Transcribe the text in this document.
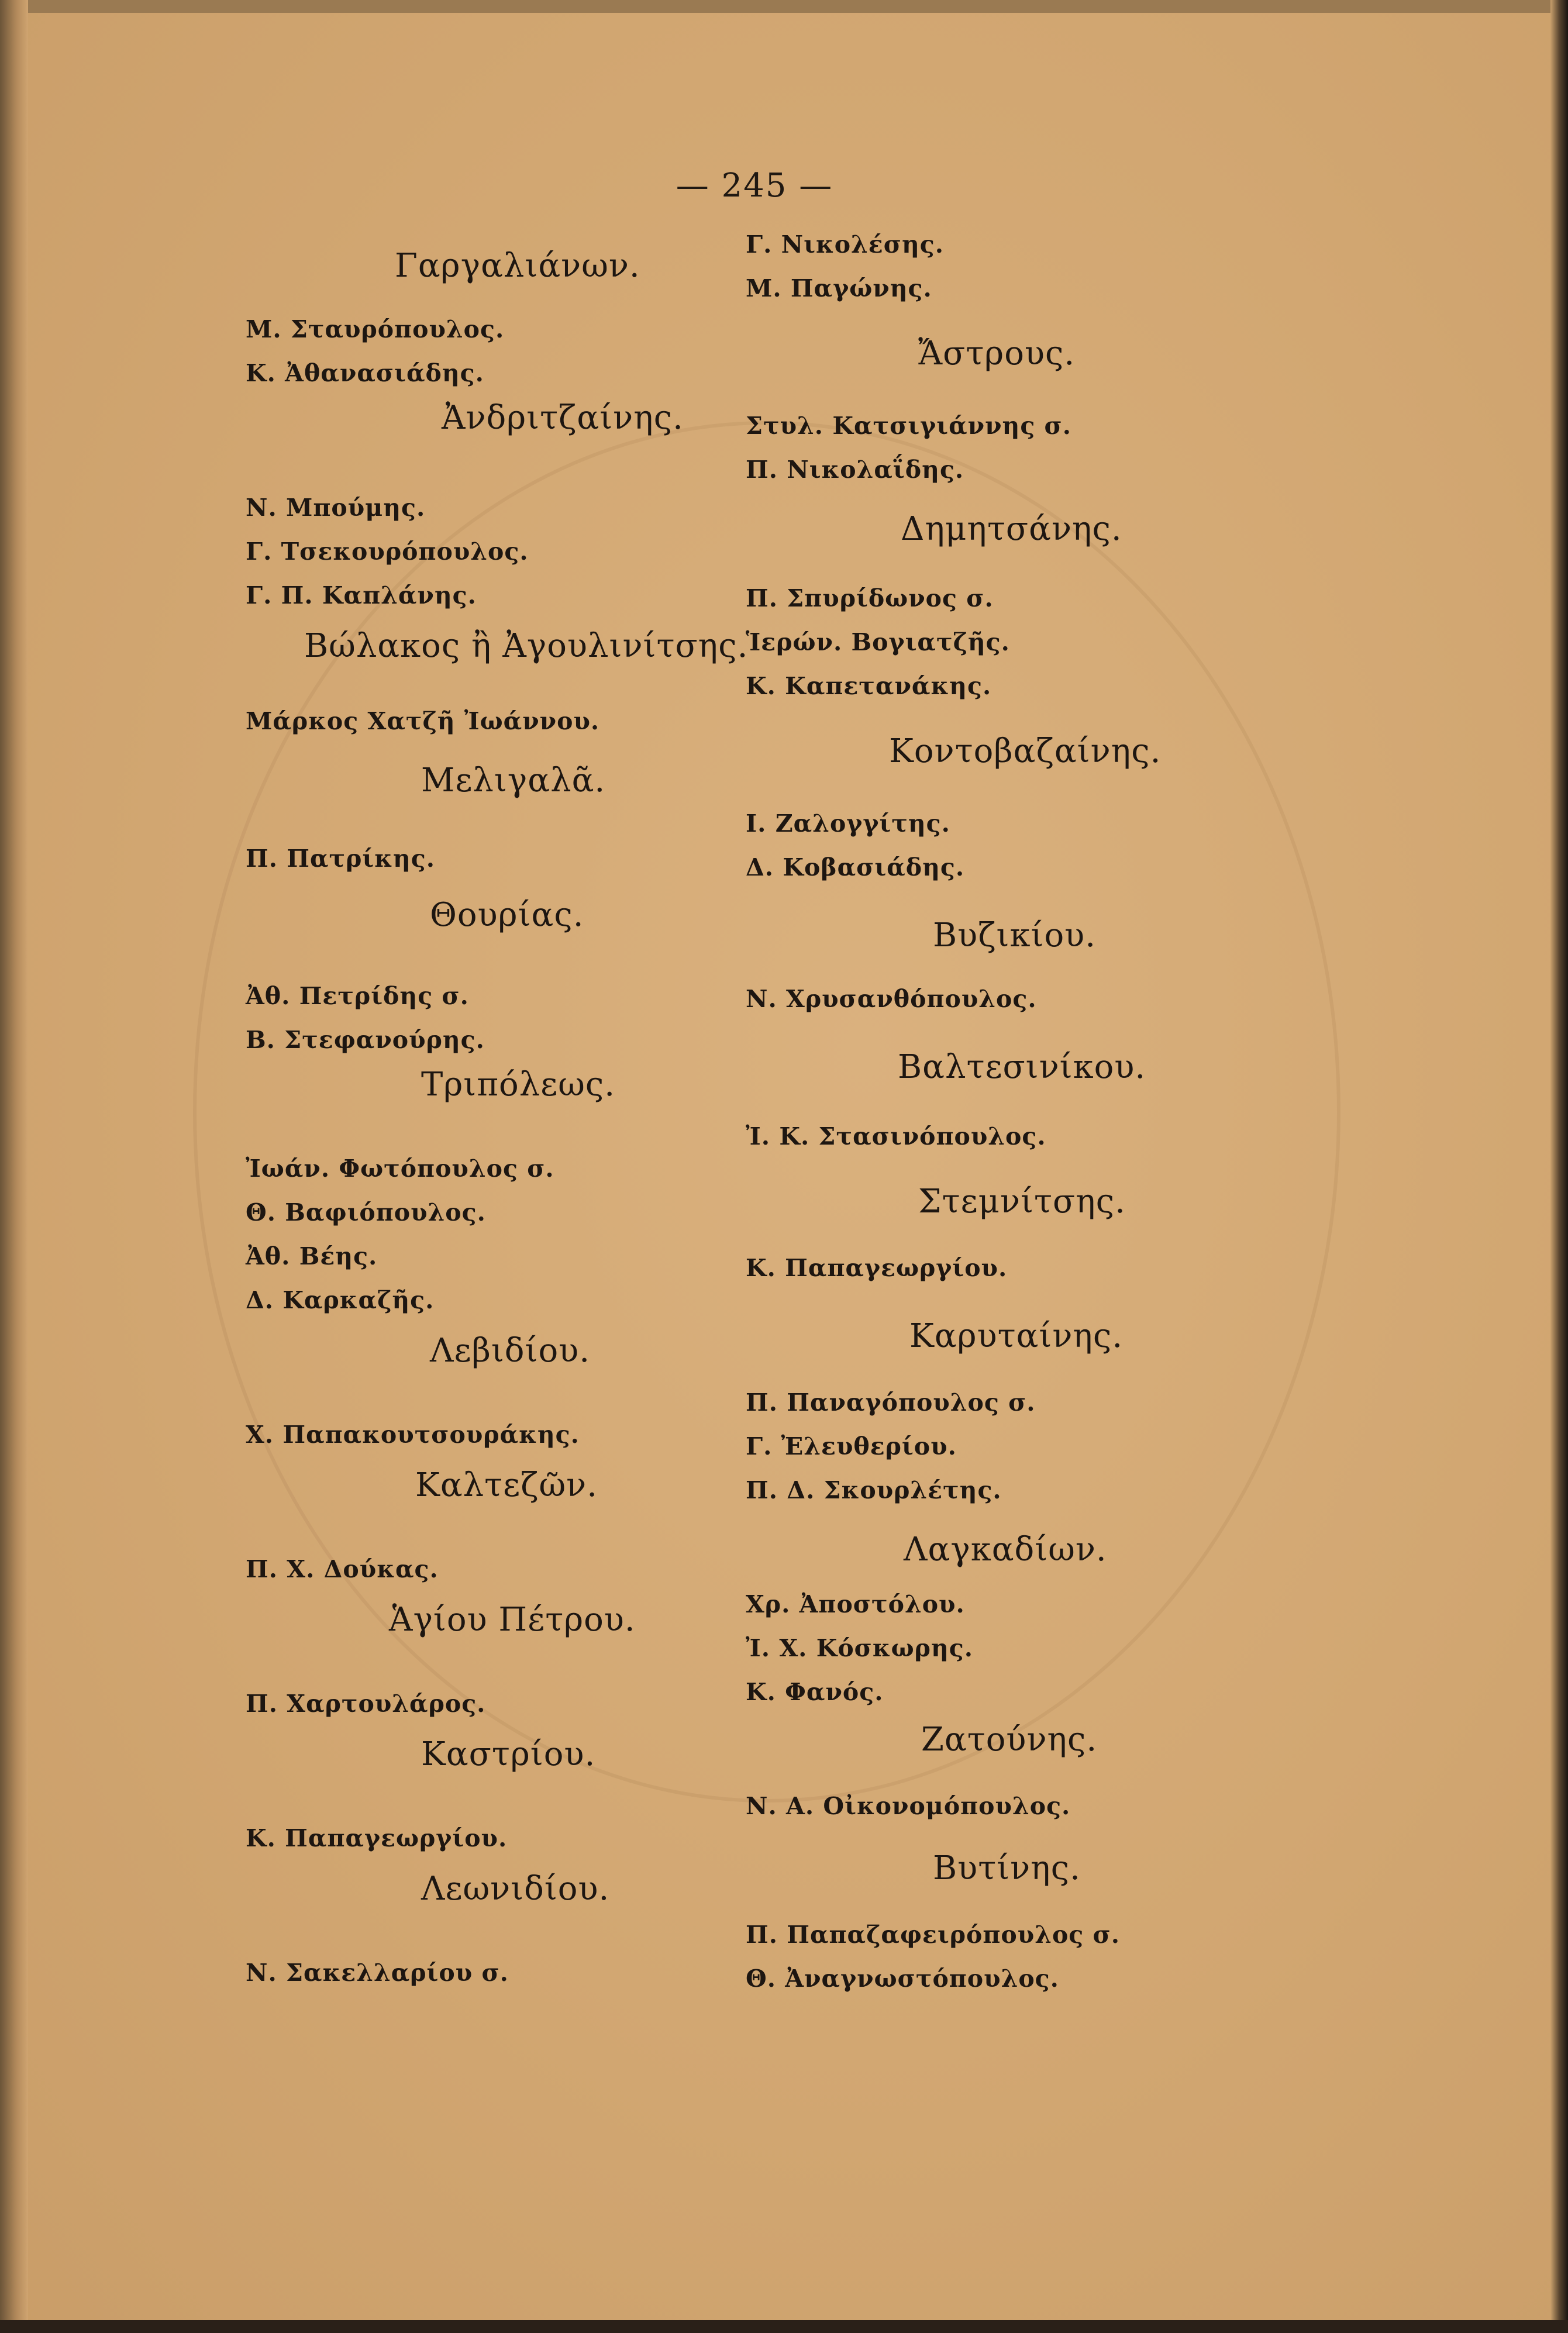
— 245 —
Γαργαλιάνων.
Μ. Σταυρόπουλος.
Κ. Ἀθανασιάδης.
Ἀνδριτζαίνης.
Ν. Μπούμης.
Γ. Τσεκουρόπουλος.
Γ. Π. Καπλάνης.
Βώλακος ἢ Ἀγουλινίτσης.
Μάρκος Χατζῆ Ἰωάννου.
Μελιγαλᾶ.
Π. Πατρίκης.
Θουρίας.
Ἀθ. Πετρίδης σ.
Β. Στεφανούρης.
Τριπόλεως.
Ἰωάν. Φωτόπουλος σ.
Θ. Βαφιόπουλος.
Ἀθ. Βέης.
Δ. Καρκαζῆς.
Λεβιδίου.
Χ. Παπακουτσουράκης.
Καλτεζῶν.
Π. Χ. Δούκας.
Ἁγίου Πέτρου.
Π. Χαρτουλάρος.
Καστρίου.
Κ. Παπαγεωργίου.
Λεωνιδίου.
Ν. Σακελλαρίου σ.
Γ. Νικολέσης.
Μ. Παγώνης.
Ἄστρους.
Στυλ. Κατσιγιάννης σ.
Π. Νικολαΐδης.
Δημητσάνης.
Π. Σπυρίδωνος σ.
Ἱερών. Βογιατζῆς.
Κ. Καπετανάκης.
Κοντοβαζαίνης.
Ι. Ζαλογγίτης.
Δ. Κοβασιάδης.
Βυζικίου.
Ν. Χρυσανθόπουλος.
Βαλτεσινίκου.
Ἰ. Κ. Στασινόπουλος.
Στεμνίτσης.
Κ. Παπαγεωργίου.
Καρυταίνης.
Π. Παναγόπουλος σ.
Γ. Ἐλευθερίου.
Π. Δ. Σκουρλέτης.
Λαγκαδίων.
Χρ. Ἀποστόλου.
Ἰ. Χ. Κόσκωρης.
Κ. Φανός.
Ζατούνης.
Ν. Α. Οἰκονομόπουλος.
Βυτίνης.
Π. Παπαζαφειρόπουλος σ.
Θ. Ἀναγνωστόπουλος.
